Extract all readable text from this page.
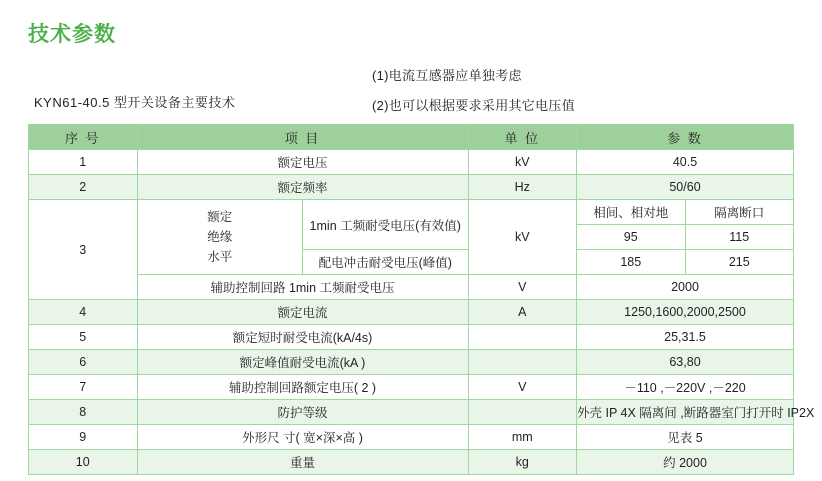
技术参数
KYN61-40.5 型开关设备主要技术
(1)电流互感器应单独考虑
(2)也可以根据要求采用其它电压值
序 号	项 目		单 位	参 数	
1	额定电压		kV	40.5	
2	额定频率		Hz	50/60	
3	额定
绝缘
水平	1min 工频耐受电压(有效值)	kV	相间、相对地	隔离断口
				95	115
		配电冲击耐受电压(峰值)		185	215
	辅助控制回路 1min 工频耐受电压		V	2000	
4	额定电流		A	1250,1600,2000,2500	
5	额定短时耐受电流(kA/4s)			25,31.5	
6	额定峰值耐受电流(kA )			63,80	
7	辅助控制回路额定电压( 2 )		V	－110 ,－220V ,－220	
8	防护等级			外壳 IP 4X 隔离间 ,断路器室门打开时 IP2X	
9	外形尺 寸( 宽×深×高 )		mm	见表 5	
10	重量		kg	约 2000	
